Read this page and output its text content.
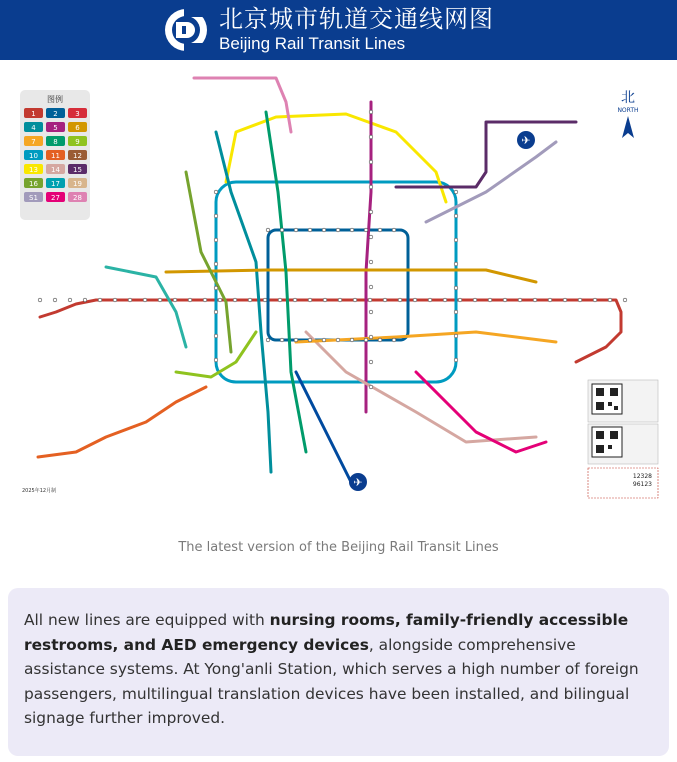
北京城市轨道交通线网图
Beijing Rail Transit Lines
图例
1	2	3
4	5	6
7	8	9
10 11 12
13 14 15
16 17 19
S1 27 28
北
NORTH
✈
✈	12328
96123
2025年12月制
The latest version of the Beijing Rail Transit Lines

All new lines are equipped with nursing rooms, family-friendly accessible restrooms, and AED emergency devices, alongside comprehensive assistance systems. At Yong'anli Station, which serves a high number of foreign passengers, multilingual translation devices have been installed, and bilingual signage further improved.
